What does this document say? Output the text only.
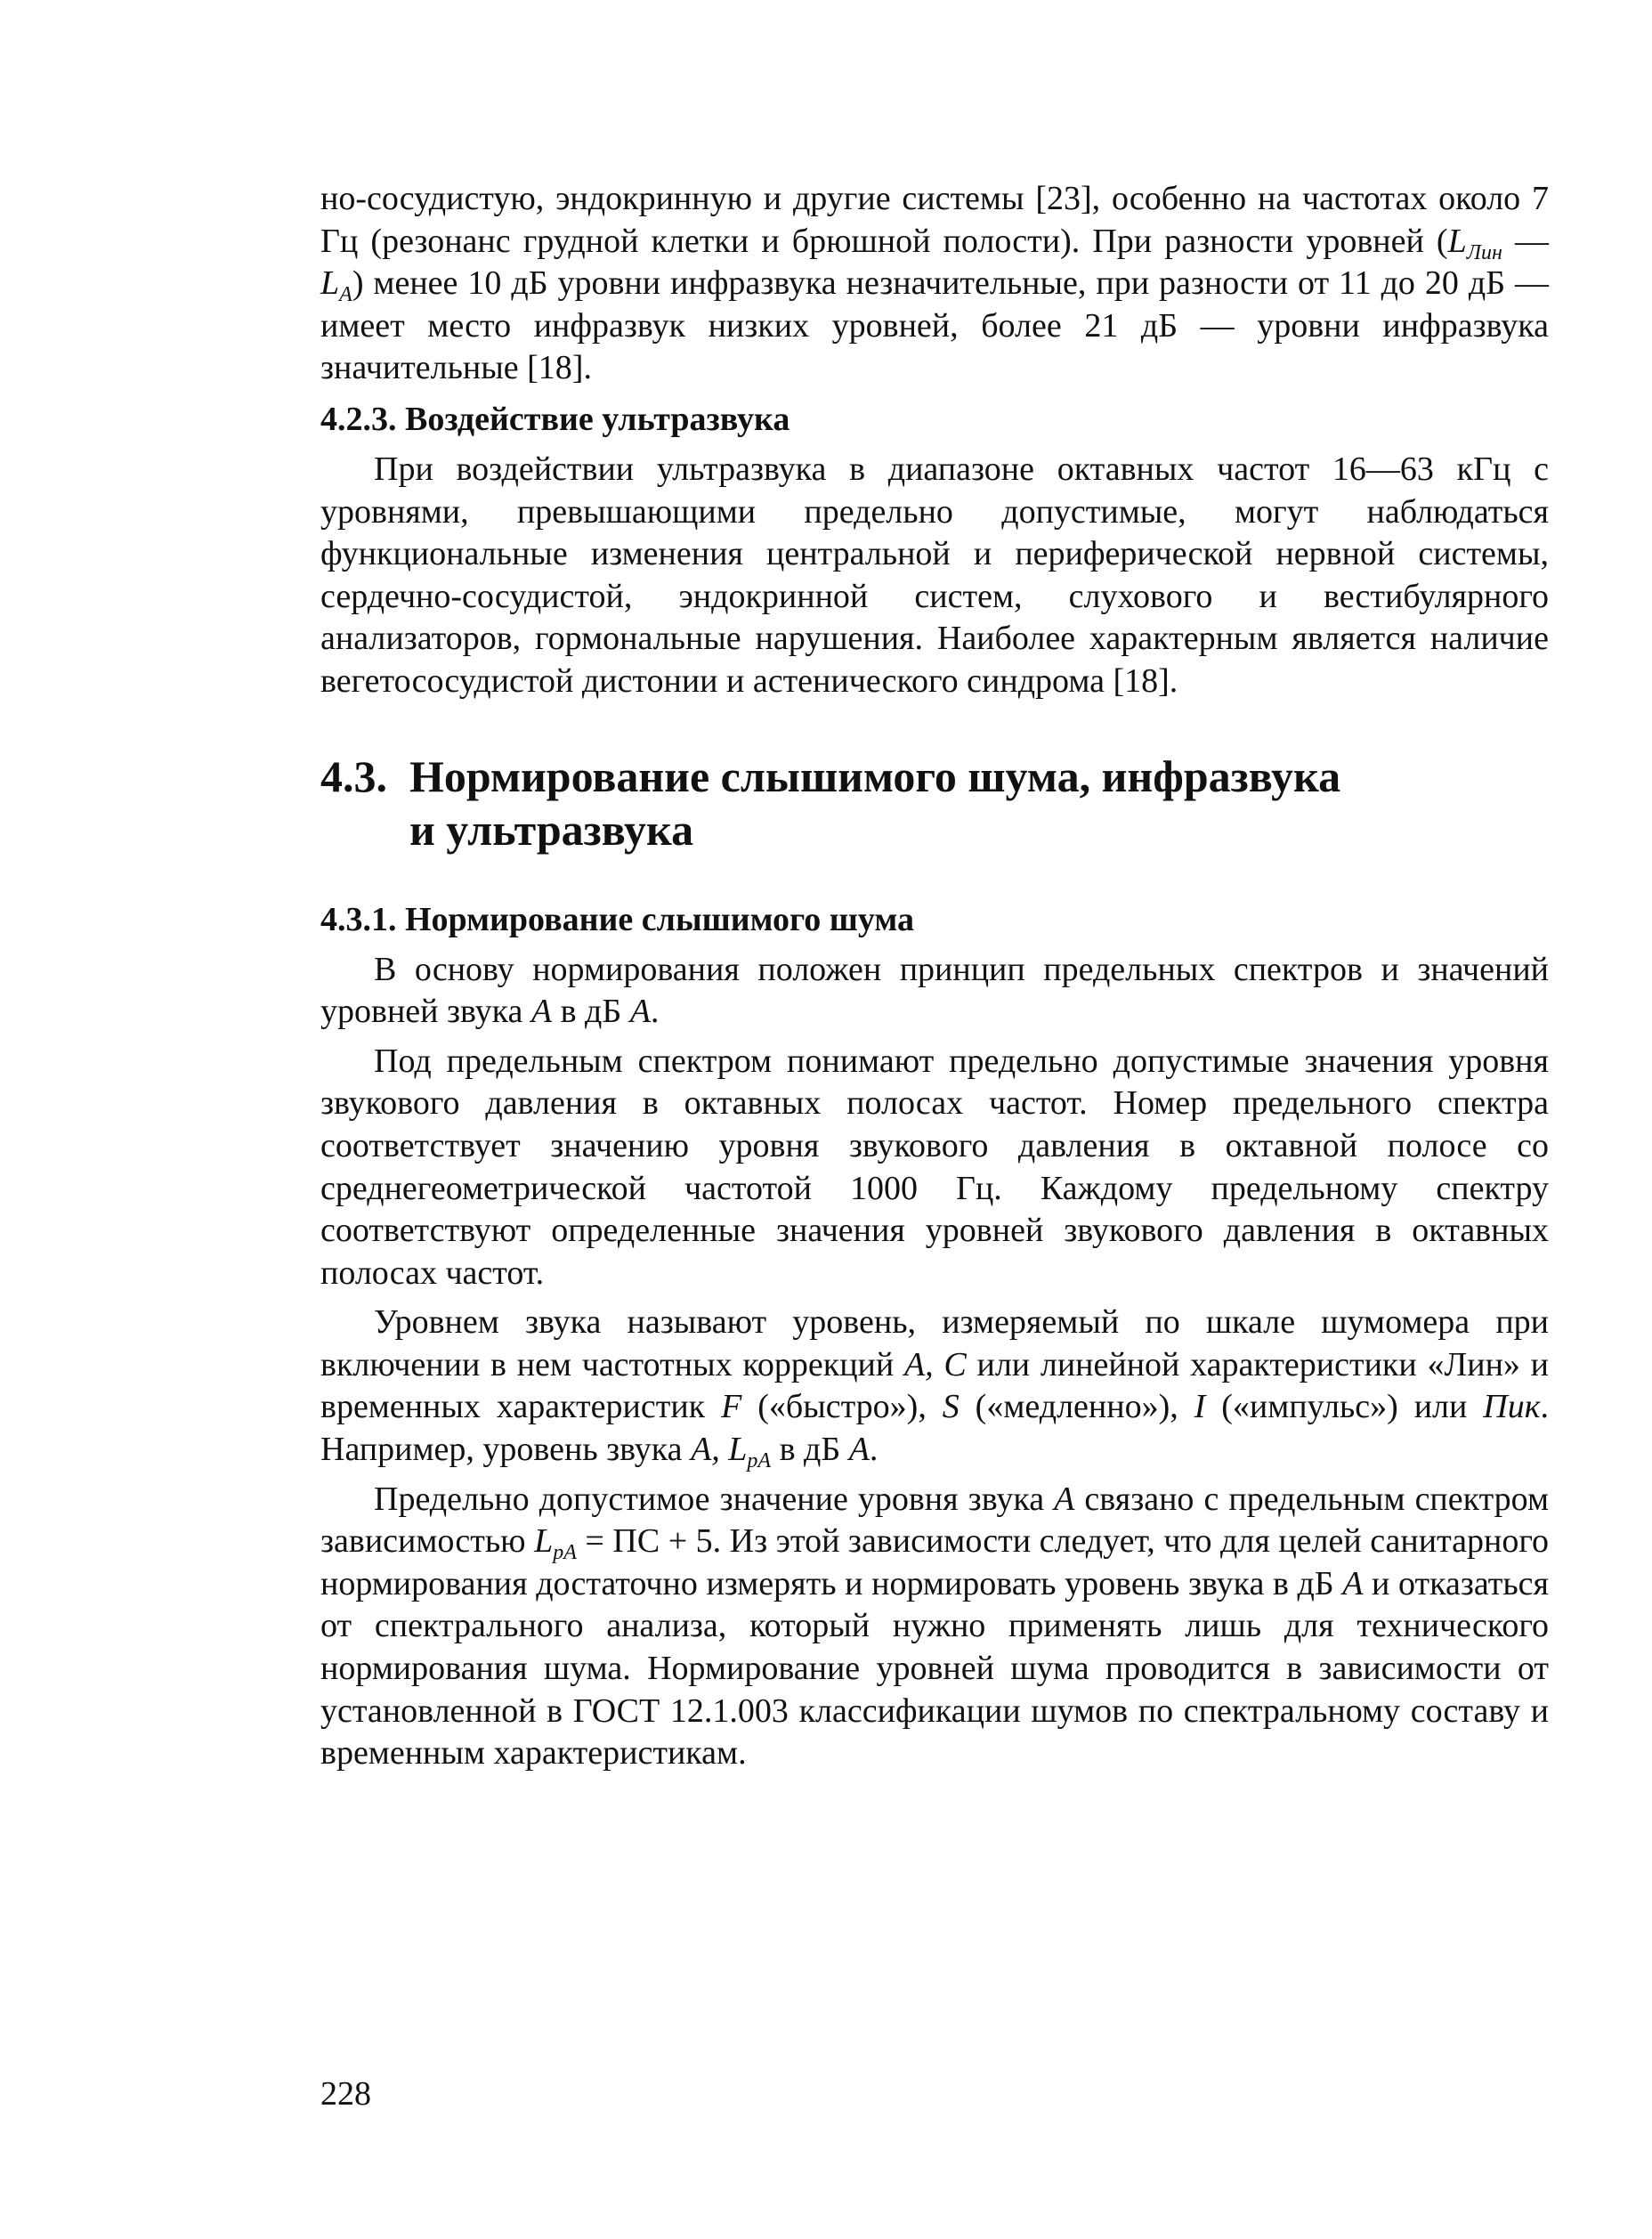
но-сосудистую, эндокринную и другие системы [23], особенно на частотах около 7 Гц (резонанс грудной клетки и брюшной полости). При разности уровней ($L_{Лин}$ — $L_A$) менее 10 дБ уровни инфразвука незначительные, при разности от 11 до 20 дБ — имеет место инфразвук низких уровней, более 21 дБ — уровни инфразвука значительные [18].

4.2.3. Воздействие ультразвука

При воздействии ультразвука в диапазоне октавных частот 16—63 кГц с уровнями, превышающими предельно допустимые, могут наблюдаться функциональные изменения центральной и периферической нервной системы, сердечно-сосудистой, эндокринной систем, слухового и вестибулярного анализаторов, гормональные нарушения. Наиболее характерным является наличие вегетососудистой дистонии и астенического синдрома [18].

4.3. Нормирование слышимого шума, инфразвука
и ультразвука
4.3.1. Нормирование слышимого шума

В основу нормирования положен принцип предельных спектров и значений уровней звука A в дБ A.

Под предельным спектром понимают предельно допустимые значения уровня звукового давления в октавных полосах частот. Номер предельного спектра соответствует значению уровня звукового давления в октавной полосе со среднегеометрической частотой 1000 Гц. Каждому предельному спектру соответствуют определенные значения уровней звукового давления в октавных полосах частот.

Уровнем звука называют уровень, измеряемый по шкале шумомера при включении в нем частотных коррекций A, C или линейной характеристики «Лин» и временных характеристик F («быстро»), S («медленно»), I («импульс») или Пик. Например, уровень звука A, $L_{pA}$ в дБ A.

Предельно допустимое значение уровня звука A связано с предельным спектром зависимостью $L_{pA}$ = ПС + 5. Из этой зависимости следует, что для целей санитарного нормирования достаточно измерять и нормировать уровень звука в дБ A и отказаться от спектрального анализа, который нужно применять лишь для технического нормирования шума. Нормирование уровней шума проводится в зависимости от установленной в ГОСТ 12.1.003 классификации шумов по спектральному составу и временным характеристикам.

228
